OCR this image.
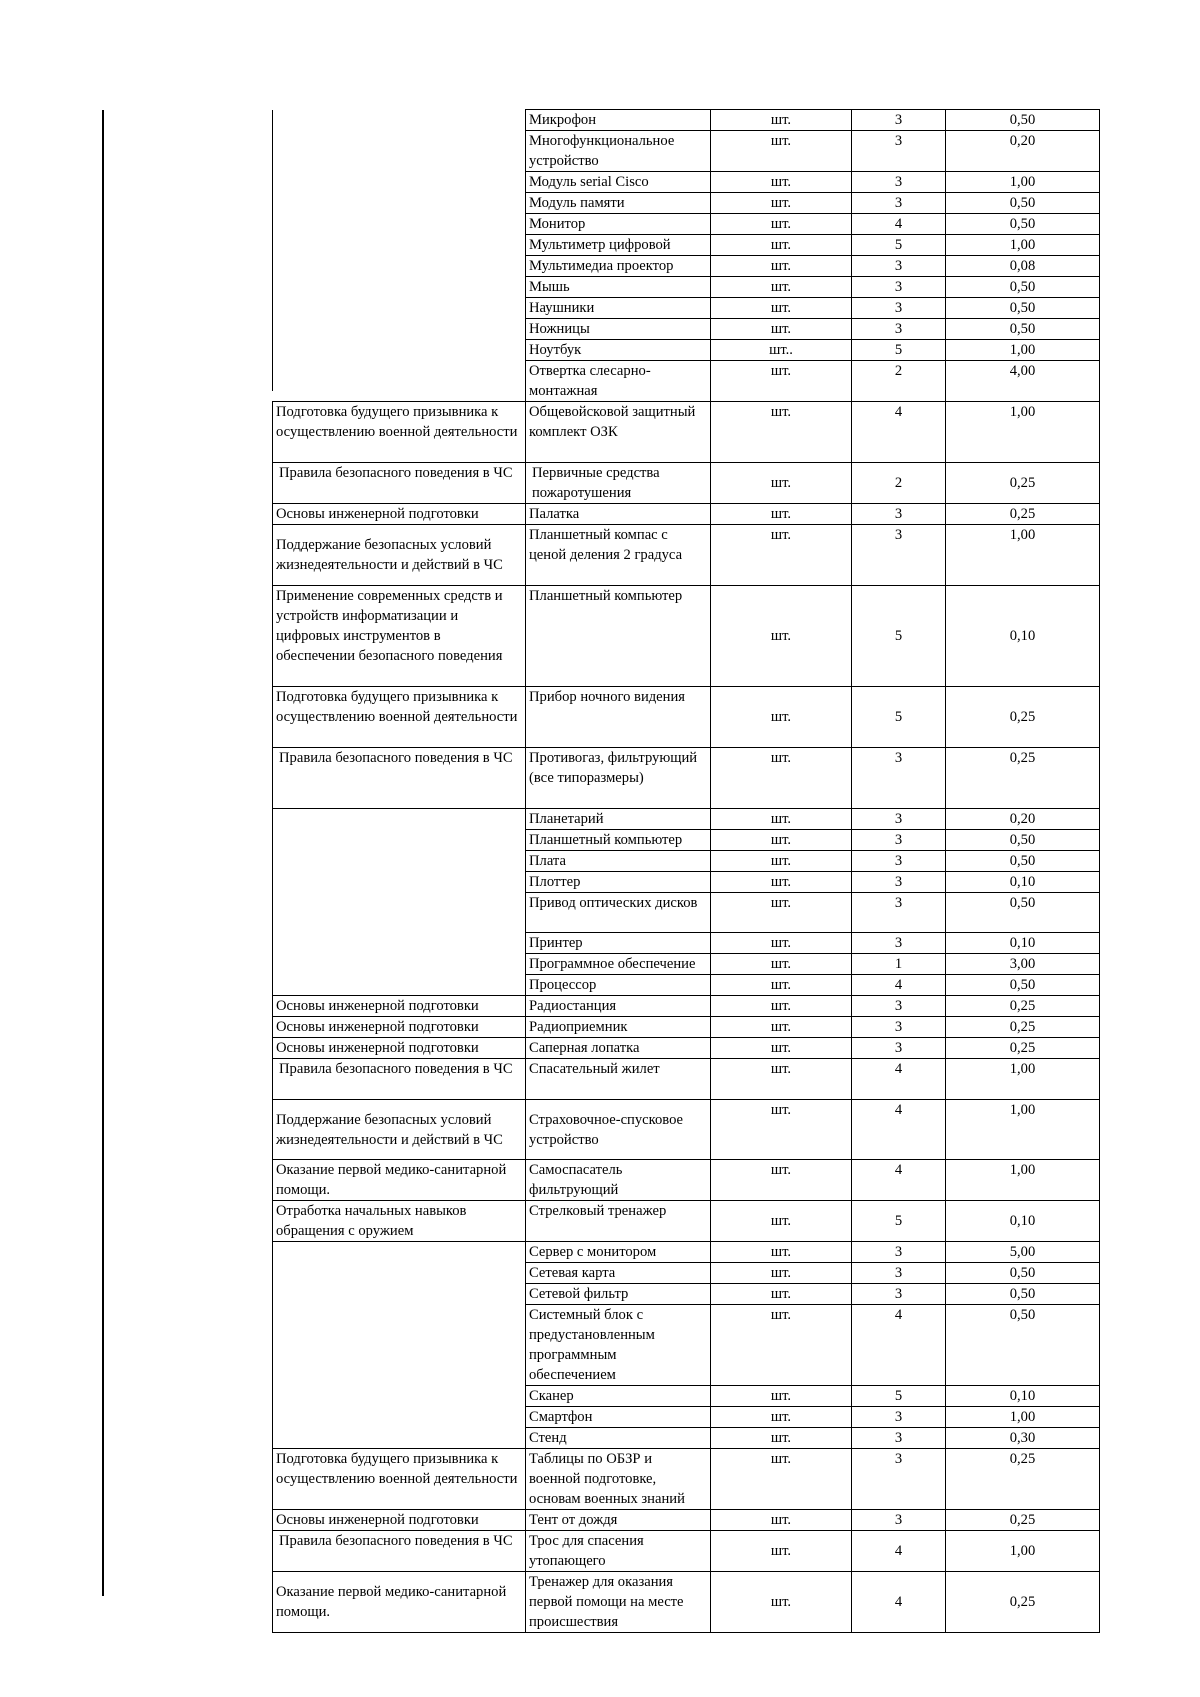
	Микрофон	шт.	3	0,50
	Многофункциональное устройство	шт.	3	0,20
	Модуль serial Cisco	шт.	3	1,00
	Модуль памяти	шт.	3	0,50
	Монитор	шт.	4	0,50
	Мультиметр цифровой	шт.	5	1,00
	Мультимедиа проектор	шт.	3	0,08
	Мышь	шт.	3	0,50
	Наушники	шт.	3	0,50
	Ножницы	шт.	3	0,50
	Ноутбук	шт..	5	1,00
	Отвертка слесарно-монтажная	шт.	2	4,00
Подготовка будущего призывника к осуществлению военной деятельности	Общевойсковой защитный комплект ОЗК	шт.	4	1,00
Правила безопасного поведения в ЧС	Первичные средства пожаротушения	шт.	2	0,25
Основы инженерной подготовки	Палатка	шт.	3	0,25
Поддержание безопасных условий жизнедеятельности и действий в ЧС	Планшетный компас с ценой деления 2 градуса	шт.	3	1,00
Применение современных средств и устройств информатизации и цифровых инструментов в обеспечении безопасного поведения	Планшетный компьютер	шт.	5	0,10
Подготовка будущего призывника к осуществлению военной деятельности	Прибор ночного видения	шт.	5	0,25
Правила безопасного поведения в ЧС	Противогаз, фильтрующий (все типоразмеры)	шт.	3	0,25
	Планетарий	шт.	3	0,20
	Планшетный компьютер	шт.	3	0,50
	Плата	шт.	3	0,50
	Плоттер	шт.	3	0,10
	Привод оптических дисков	шт.	3	0,50
	Принтер	шт.	3	0,10
	Программное обеспечение	шт.	1	3,00
	Процессор	шт.	4	0,50
Основы инженерной подготовки	Радиостанция	шт.	3	0,25
Основы инженерной подготовки	Радиоприемник	шт.	3	0,25
Основы инженерной подготовки	Саперная лопатка	шт.	3	0,25
Правила безопасного поведения в ЧС	Спасательный жилет	шт.	4	1,00
Поддержание безопасных условий жизнедеятельности и действий в ЧС	Страховочное-спусковое устройство	шт.	4	1,00
Оказание первой медико-санитарной помощи.	Самоспасатель фильтрующий	шт.	4	1,00
Отработка начальных навыков обращения с оружием	Стрелковый тренажер	шт.	5	0,10
	Сервер с монитором	шт.	3	5,00
	Сетевая карта	шт.	3	0,50
	Сетевой фильтр	шт.	3	0,50
	Системный блок с предустановленным программным обеспечением	шт.	4	0,50
	Сканер	шт.	5	0,10
	Смартфон	шт.	3	1,00
	Стенд	шт.	3	0,30
Подготовка будущего призывника к осуществлению военной деятельности	Таблицы по ОБЗР и военной подготовке, основам военных знаний	шт.	3	0,25
Основы инженерной подготовки	Тент от дождя	шт.	3	0,25
Правила безопасного поведения в ЧС	Трос для спасения утопающего	шт.	4	1,00
Оказание первой медико-санитарной помощи.	Тренажер для оказания первой помощи на месте происшествия	шт.	4	0,25
